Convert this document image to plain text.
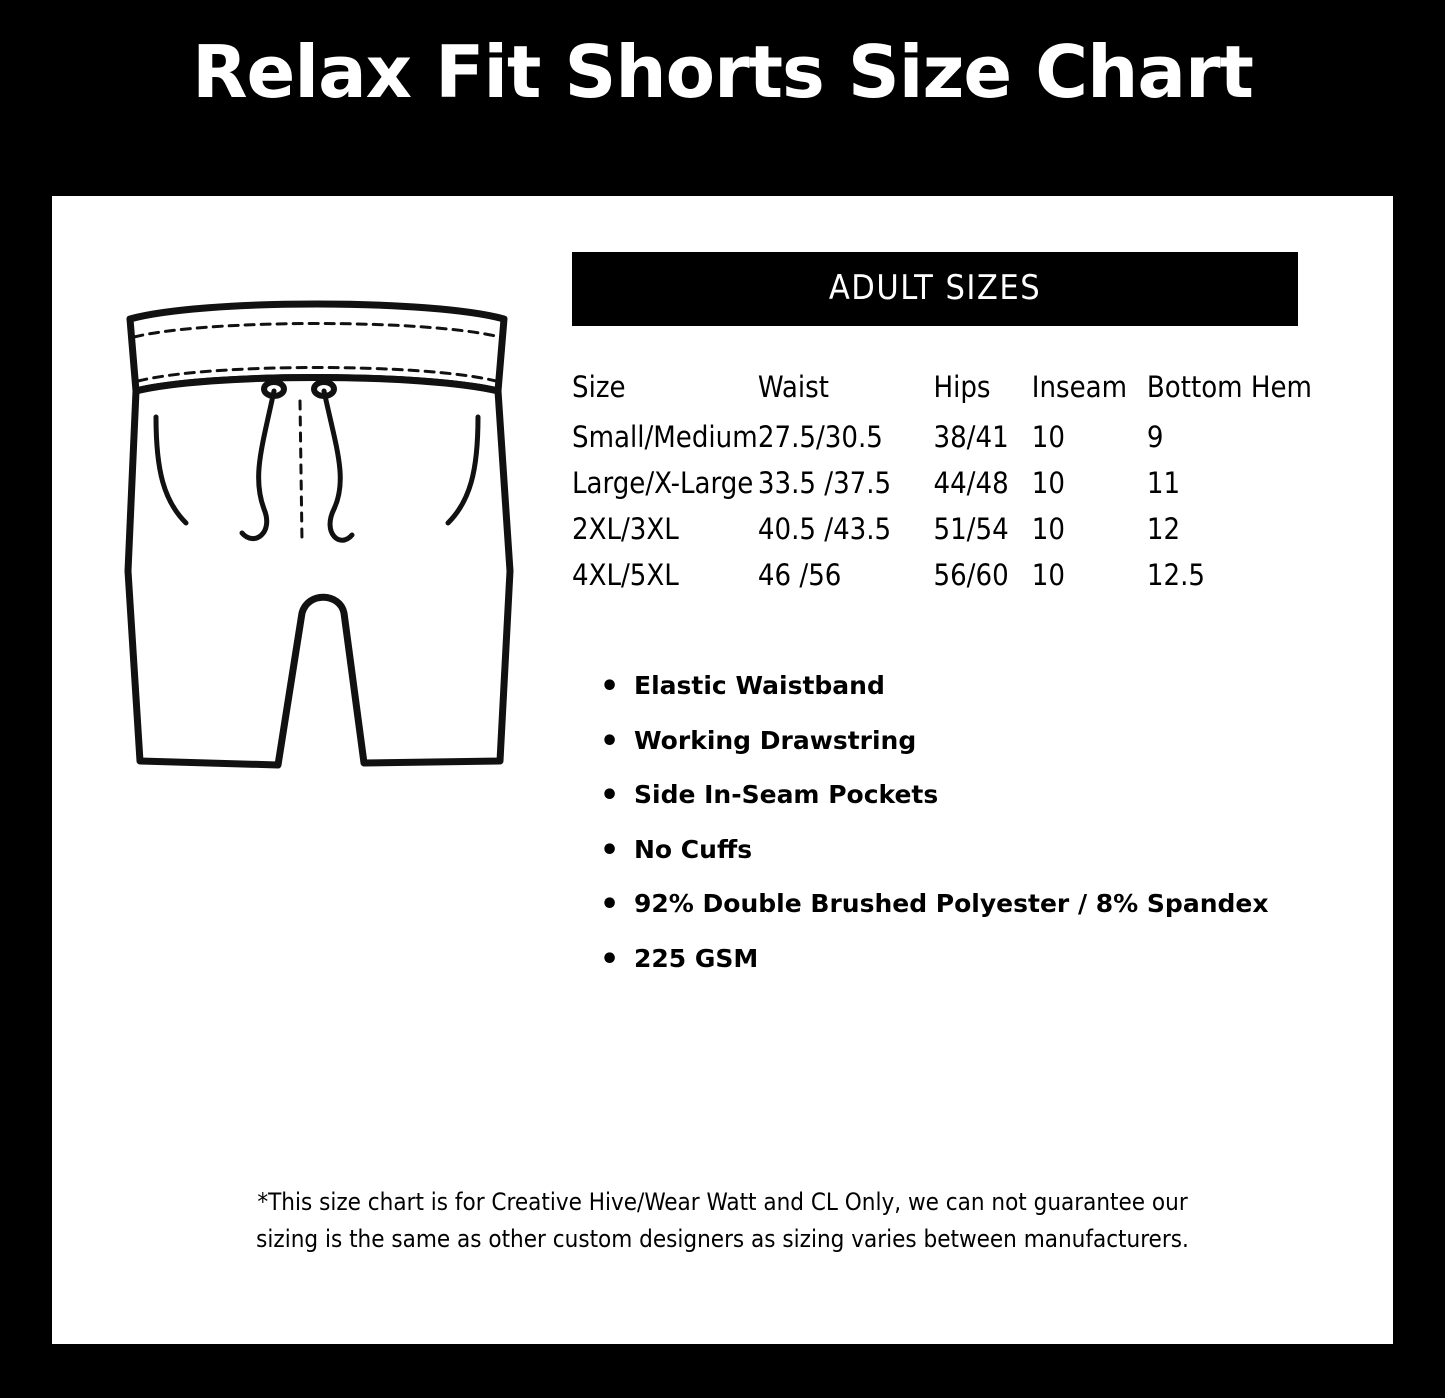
Relax Fit Shorts Size Chart
ADULT SIZES
Size	Waist	Hips	Inseam	Bottom Hem
Small/Medium	27.5/30.5	38/41	10	9
Large/X-Large	33.5 /37.5	44/48	10	11
2XL/3XL	40.5 /43.5	51/54	10	12
4XL/5XL	46 /56	56/60	10	12.5
• Elastic Waistband
• Working Drawstring
• Side In-Seam Pockets
• No Cuffs
• 92% Double Brushed Polyester / 8% Spandex
• 225 GSM
*This size chart is for Creative Hive/Wear Watt and CL Only, we can not guarantee our sizing is the same as other custom designers as sizing varies between manufacturers.
